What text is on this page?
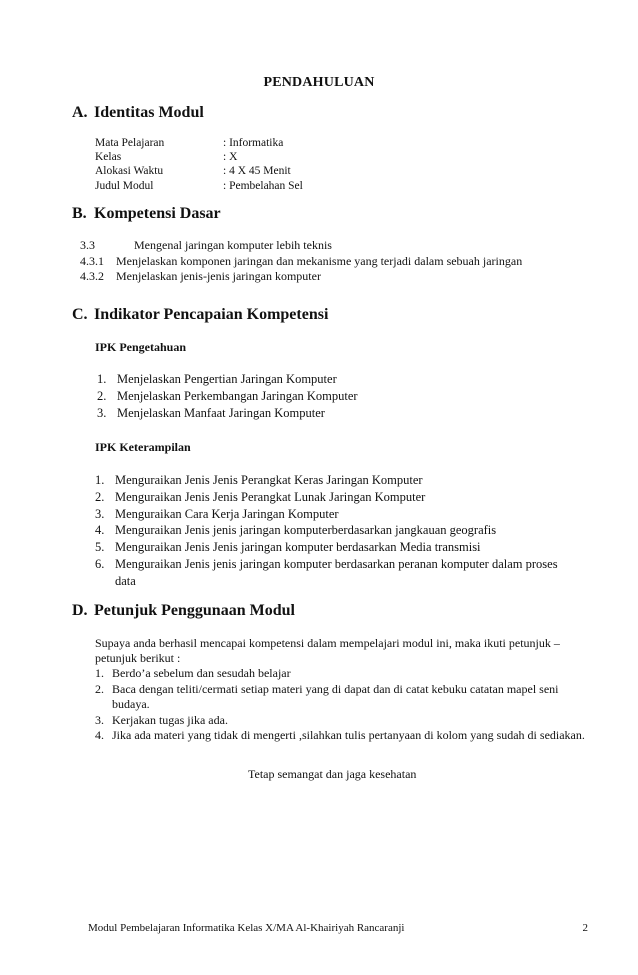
PENDAHULUAN
A. Identitas Modul
Mata Pelajaran	: Informatika
Kelas	: X
Alokasi Waktu	: 4 X 45 Menit
Judul Modul	: Pembelahan Sel
B. Kompetensi Dasar
3.3	Mengenal jaringan komputer lebih teknis
4.3.1 Menjelaskan komponen jaringan dan mekanisme yang terjadi dalam sebuah jaringan
4.3.2 Menjelaskan jenis-jenis jaringan komputer
C. Indikator Pencapaian Kompetensi
IPK Pengetahuan
1. Menjelaskan Pengertian Jaringan Komputer
2. Menjelaskan Perkembangan Jaringan Komputer
3. Menjelaskan Manfaat Jaringan Komputer
IPK Keterampilan
1. Menguraikan Jenis Jenis Perangkat Keras Jaringan Komputer
2. Menguraikan Jenis Jenis Perangkat Lunak Jaringan Komputer
3. Menguraikan Cara Kerja Jaringan Komputer
4. Menguraikan Jenis jenis jaringan komputerberdasarkan jangkauan geografis
5. Menguraikan Jenis Jenis jaringan komputer berdasarkan Media transmisi
6. Menguraikan Jenis jenis jaringan komputer berdasarkan peranan komputer dalam proses data
D. Petunjuk Penggunaan Modul
Supaya anda berhasil mencapai kompetensi dalam mempelajari modul ini, maka ikuti petunjuk – petunjuk berikut :
1. Berdo’a sebelum dan sesudah belajar
2. Baca dengan teliti/cermati setiap materi yang di dapat dan di catat kebuku catatan mapel seni budaya.
3. Kerjakan tugas jika ada.
4. Jika ada materi yang tidak di mengerti ,silahkan tulis pertanyaan di kolom yang sudah di sediakan.
Tetap semangat dan jaga kesehatan
Modul Pembelajaran Informatika Kelas X/MA Al-Khairiyah Rancaranji	2
